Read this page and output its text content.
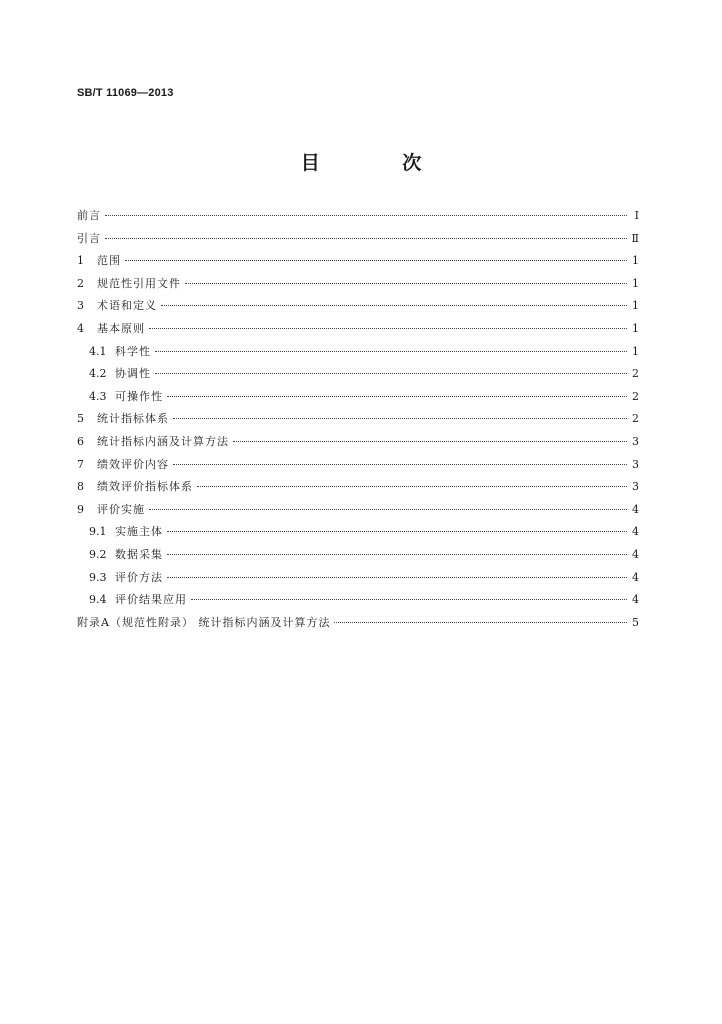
SB/T 11069—2013
目 次
前言	Ⅰ
引言	Ⅱ
1	范围	1
2	规范性引用文件	1
3	术语和定义	1
4	基本原则	1
4.1 科学性	1
4.2 协调性	2
4.3 可操作性	2
5	统计指标体系	2
6	统计指标内涵及计算方法	3
7	绩效评价内容	3
8	绩效评价指标体系	3
9	评价实施	4
9.1 实施主体	4
9.2 数据采集	4
9.3 评价方法	4
9.4 评价结果应用	4
附录A（规范性附录） 统计指标内涵及计算方法	5
